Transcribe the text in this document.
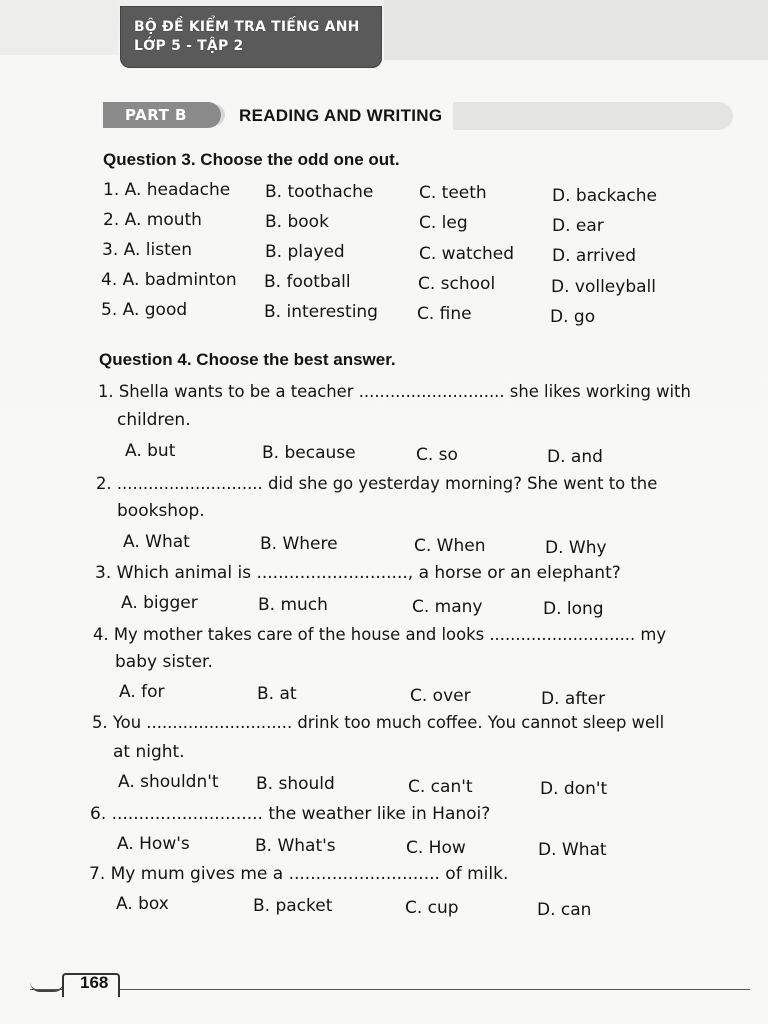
BỘ ĐỀ KIỂM TRA TIẾNG ANH
LỚP 5 - TẬP 2
PART B	READING AND WRITING
Question 3. Choose the odd one out.
1. A. headache B. toothache	C. teeth	D. backache
2. A. mouth	B. book	C. leg	D. ear
3. A. listen	B. played	C. watched D. arrived
4. A. badminton B. football	C. school	D. volleyball
5. A. good	B. interesting C. fine	D. go
Question 4. Choose the best answer.
1. Shella wants to be a teacher ............................ she likes working with
children.
A. but	B. because	C. so	D. and
2. ............................ did she go yesterday morning? She went to the
bookshop.
A. What	B. Where	C. When	D. Why
3. Which animal is ............................, a horse or an elephant?
A. bigger	B. much	C. many	D. long
4. My mother takes care of the house and looks ............................ my
baby sister.
A. for	B. at	C. over	D. after
5. You ............................ drink too much coffee. You cannot sleep well
at night.
A. shouldn't B. should	C. can't	D. don't
6. ............................ the weather like in Hanoi?
A. How's	B. What's	C. How	D. What
7. My mum gives me a ............................ of milk.
A. box	B. packet	C. cup	D. can
168
